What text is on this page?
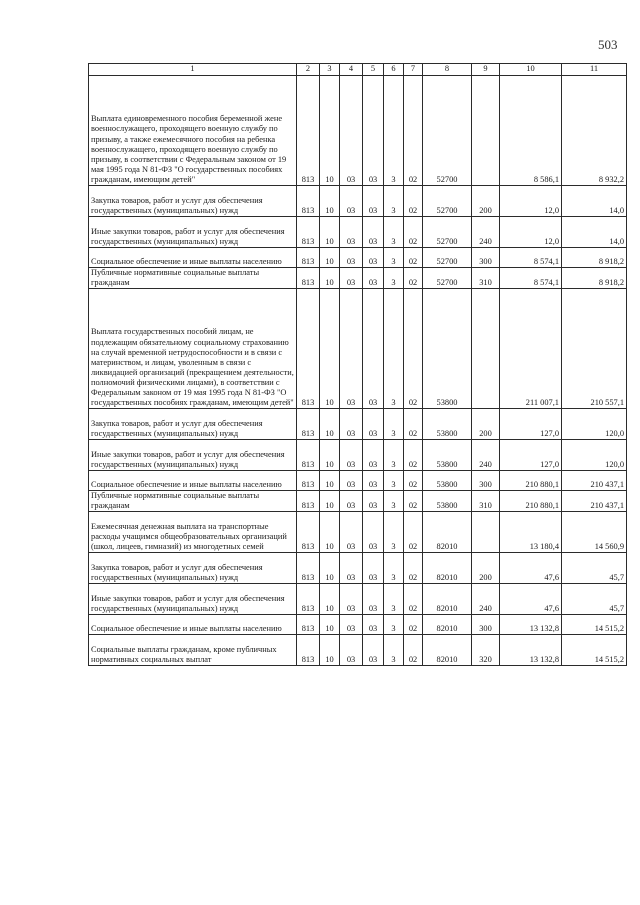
503
1	2	3	4	5	6	7	8	9	10	11
Выплата единовременного пособия беременной жене военнослужащего, проходящего военную службу по призыву, а также ежемесячного пособия на ребенка военнослужащего, проходящего военную службу по призыву, в соответствии с Федеральным законом от 19 мая 1995 года N 81-ФЗ "О государственных пособиях гражданам, имеющим детей"	813	10	03	03	3	02	52700		8 586,1	8 932,2
Закупка товаров, работ и услуг для обеспечения государственных (муниципальных) нужд	813	10	03	03	3	02	52700	200	12,0	14,0
Иные закупки товаров, работ и услуг для обеспечения государственных (муниципальных) нужд	813	10	03	03	3	02	52700	240	12,0	14,0
Социальное обеспечение и иные выплаты населению	813	10	03	03	3	02	52700	300	8 574,1	8 918,2
Публичные нормативные социальные выплаты гражданам	813	10	03	03	3	02	52700	310	8 574,1	8 918,2
Выплата государственных пособий лицам, не подлежащим обязательному социальному страхованию на случай временной нетрудоспособности и в связи с материнством, и лицам, уволенным в связи с ликвидацией организаций (прекращением деятельности, полномочий физическими лицами), в соответствии с Федеральным законом от 19 мая 1995 года N 81-ФЗ "О государственных пособиях гражданам, имеющим детей"	813	10	03	03	3	02	53800		211 007,1	210 557,1
Закупка товаров, работ и услуг для обеспечения государственных (муниципальных) нужд	813	10	03	03	3	02	53800	200	127,0	120,0
Иные закупки товаров, работ и услуг для обеспечения государственных (муниципальных) нужд	813	10	03	03	3	02	53800	240	127,0	120,0
Социальное обеспечение и иные выплаты населению	813	10	03	03	3	02	53800	300	210 880,1	210 437,1
Публичные нормативные социальные выплаты гражданам	813	10	03	03	3	02	53800	310	210 880,1	210 437,1
Ежемесячная денежная выплата на транспортные расходы учащимся общеобразовательных организаций (школ, лицеев, гимназий) из многодетных семей	813	10	03	03	3	02	82010		13 180,4	14 560,9
Закупка товаров, работ и услуг для обеспечения государственных (муниципальных) нужд	813	10	03	03	3	02	82010	200	47,6	45,7
Иные закупки товаров, работ и услуг для обеспечения государственных (муниципальных) нужд	813	10	03	03	3	02	82010	240	47,6	45,7
Социальное обеспечение и иные выплаты населению	813	10	03	03	3	02	82010	300	13 132,8	14 515,2
Социальные выплаты гражданам, кроме публичных нормативных социальных выплат	813	10	03	03	3	02	82010	320	13 132,8	14 515,2
